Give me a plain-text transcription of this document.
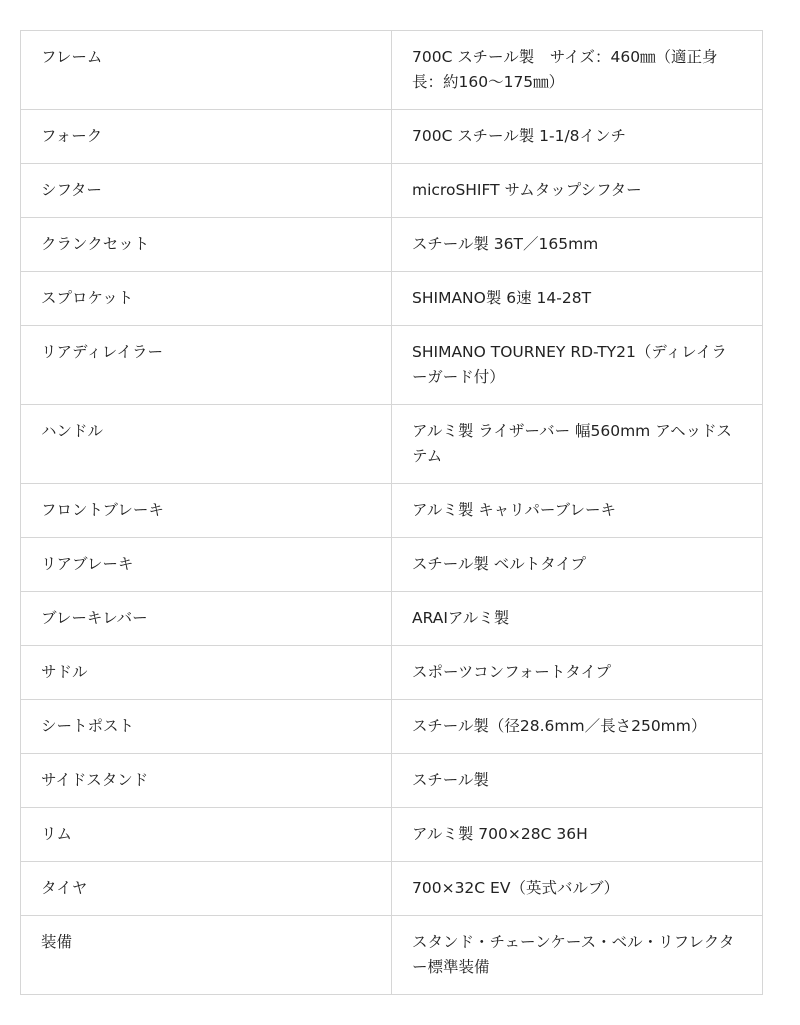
フレーム	700C スチール製　サイズ：460㎜（適正身長：約160～175㎜）
フォーク	700C スチール製 1-1/8インチ
シフター	microSHIFT サムタップシフター
クランクセット	スチール製 36T／165mm
スプロケット	SHIMANO製 6速 14-28T
リアディレイラー	SHIMANO TOURNEY RD-TY21（ディレイラーガード付）
ハンドル	アルミ製 ライザーバー 幅560mm アヘッドステム
フロントブレーキ	アルミ製 キャリパーブレーキ
リアブレーキ	スチール製 ベルトタイプ
ブレーキレバー	ARAIアルミ製
サドル	スポーツコンフォートタイプ
シートポスト	スチール製（径28.6mm／長さ250mm）
サイドスタンド	スチール製
リム	アルミ製 700×28C 36H
タイヤ	700×32C EV（英式バルブ）
装備	スタンド・チェーンケース・ベル・リフレクター標準装備
